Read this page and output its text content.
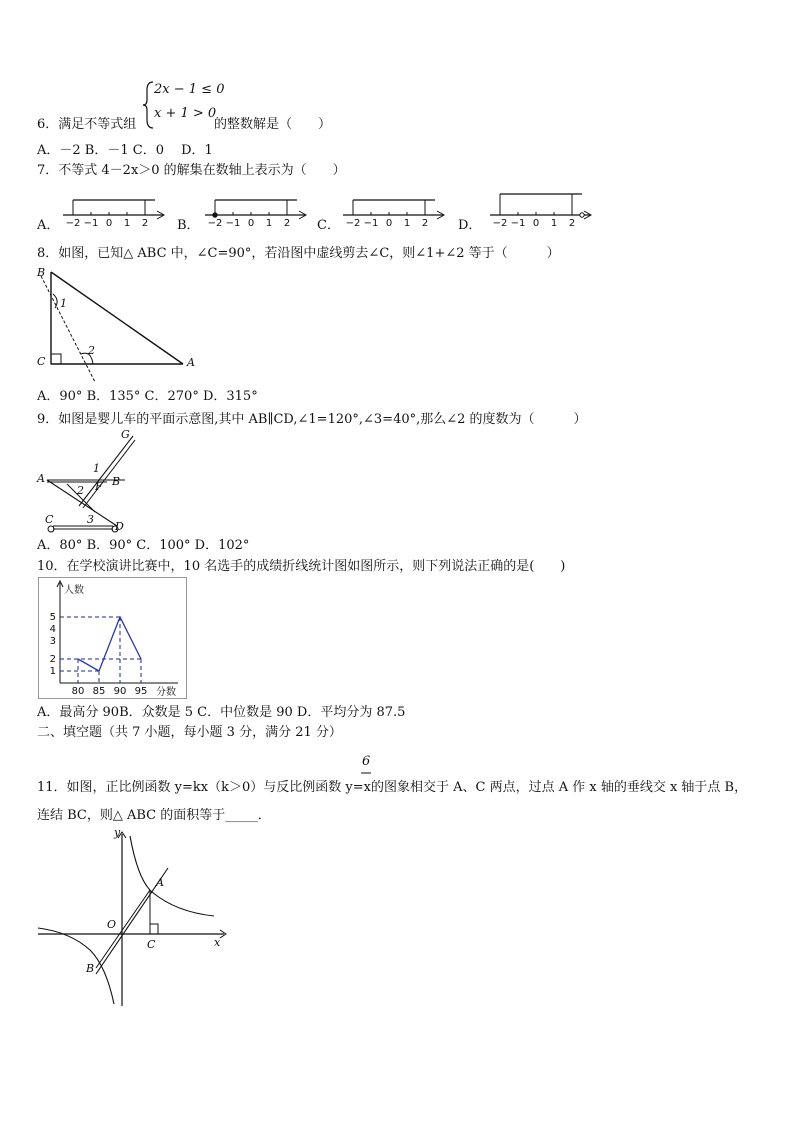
2x − 1 ≤ 0
x + 1 > 0
6．满足不等式组	的整数解是（　　）
A．－2 B．－1 C．0　 D．1
7．不等式 4－2x＞0 的解集在数轴上表示为（　　）
A．	B．	C．	D．
−2 −1 0 1 2	−2 −1 0 1 2	−2 −1 0 1 2	−2 −1 0 1 2
8．如图，已知△ ABC 中，∠C=90°，若沿图中虚线剪去∠C，则∠1+∠2 等于（　　　）
B
C	A
1
2
A．90° B．135° C．270° D．315°
9．如图是婴儿车的平面示意图,其中 AB∥CD,∠1=120°,∠3=40°,那么∠2 的度数为（　　　）
G
A	B
F
C
D
1
2
3
A．80° B．90° C．100° D．102°
10．在学校演讲比赛中，10 名选手的成绩折线统计图如图所示，则下列说法正确的是(　　)
人数
分数
1
2
3
4
5
80 85 90 95
A．最高分 90B．众数是 5 C．中位数是 90 D．平均分为 87.5
二、填空题（共 7 小题，每小题 3 分，满分 21 分）
6
11．如图，正比例函数 y=kx（k＞0）与反比例函数 y=x的图象相交于 A、C 两点，过点 A 作 x 轴的垂线交 x 轴于点 B，
连结 BC，则△ ABC 的面积等于_____．
y
x
O
A
B
C
